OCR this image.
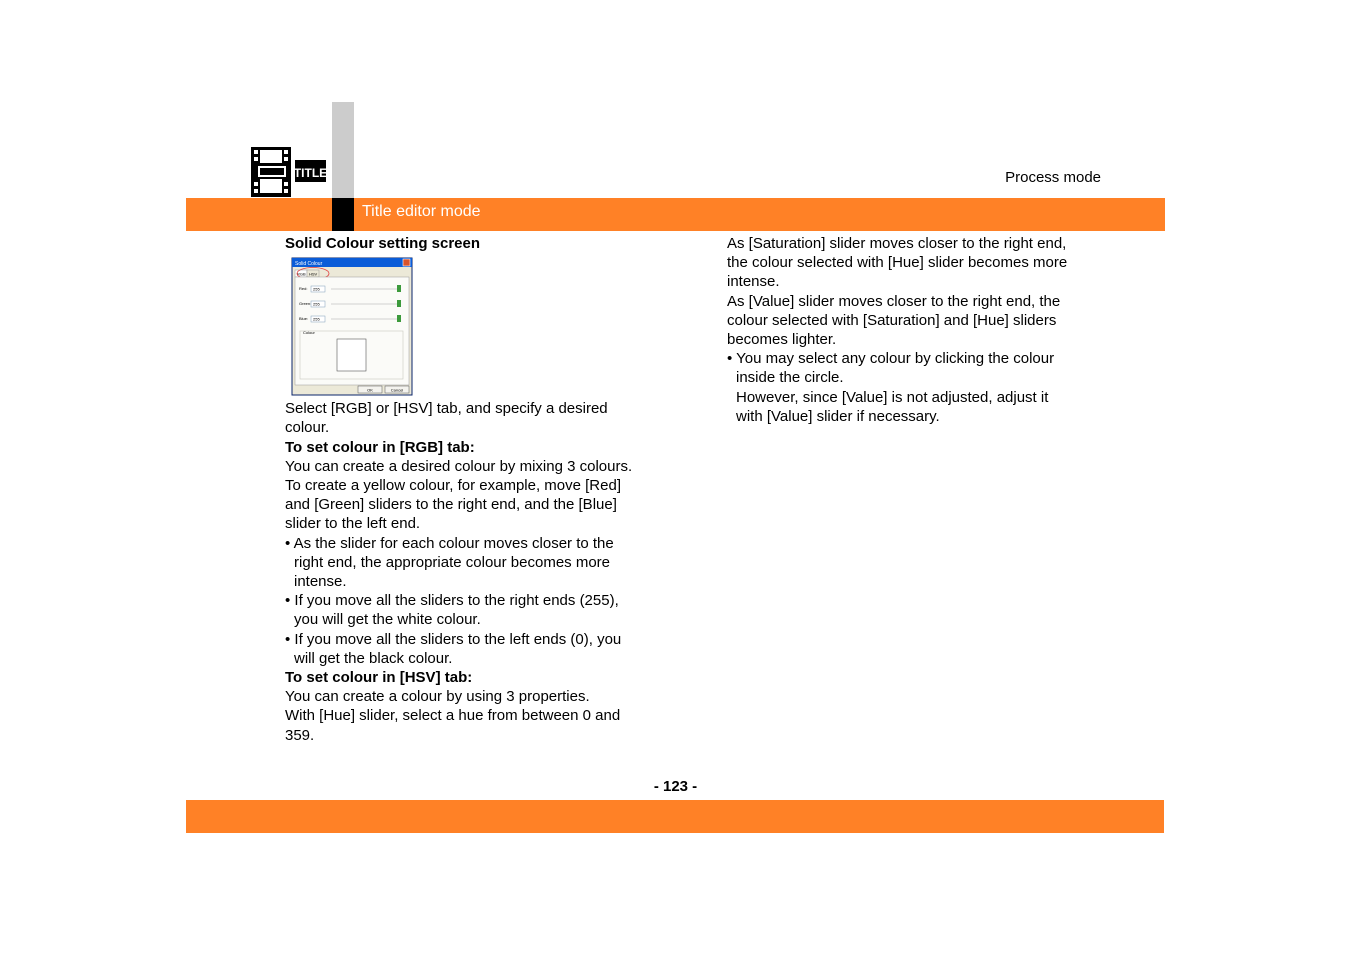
TITLE	Process mode
Title editor mode

Solid Colour setting screen

Solid Colour
RGB HSV
Red: 255
Green: 255
Blue: 255
Colour
OK	Cancel

Select [RGB] or [HSV] tab, and specify a desired

colour.

To set colour in [RGB] tab:

You can create a desired colour by mixing 3 colours.

To create a yellow colour, for example, move [Red]

and [Green] sliders to the right end, and the [Blue]

slider to the left end.

• As the slider for each colour moves closer to the

right end, the appropriate colour becomes more

intense.

• If you move all the sliders to the right ends (255),

you will get the white colour.

• If you move all the sliders to the left ends (0), you

will get the black colour.

To set colour in [HSV] tab:

You can create a colour by using 3 properties.

With [Hue] slider, select a hue from between 0 and

359.

As [Saturation] slider moves closer to the right end,

the colour selected with [Hue] slider becomes more

intense.

As [Value] slider moves closer to the right end, the

colour selected with [Saturation] and [Hue] sliders

becomes lighter.

• You may select any colour by clicking the colour

inside the circle.

However, since [Value] is not adjusted, adjust it

with [Value] slider if necessary.

- 123 -
